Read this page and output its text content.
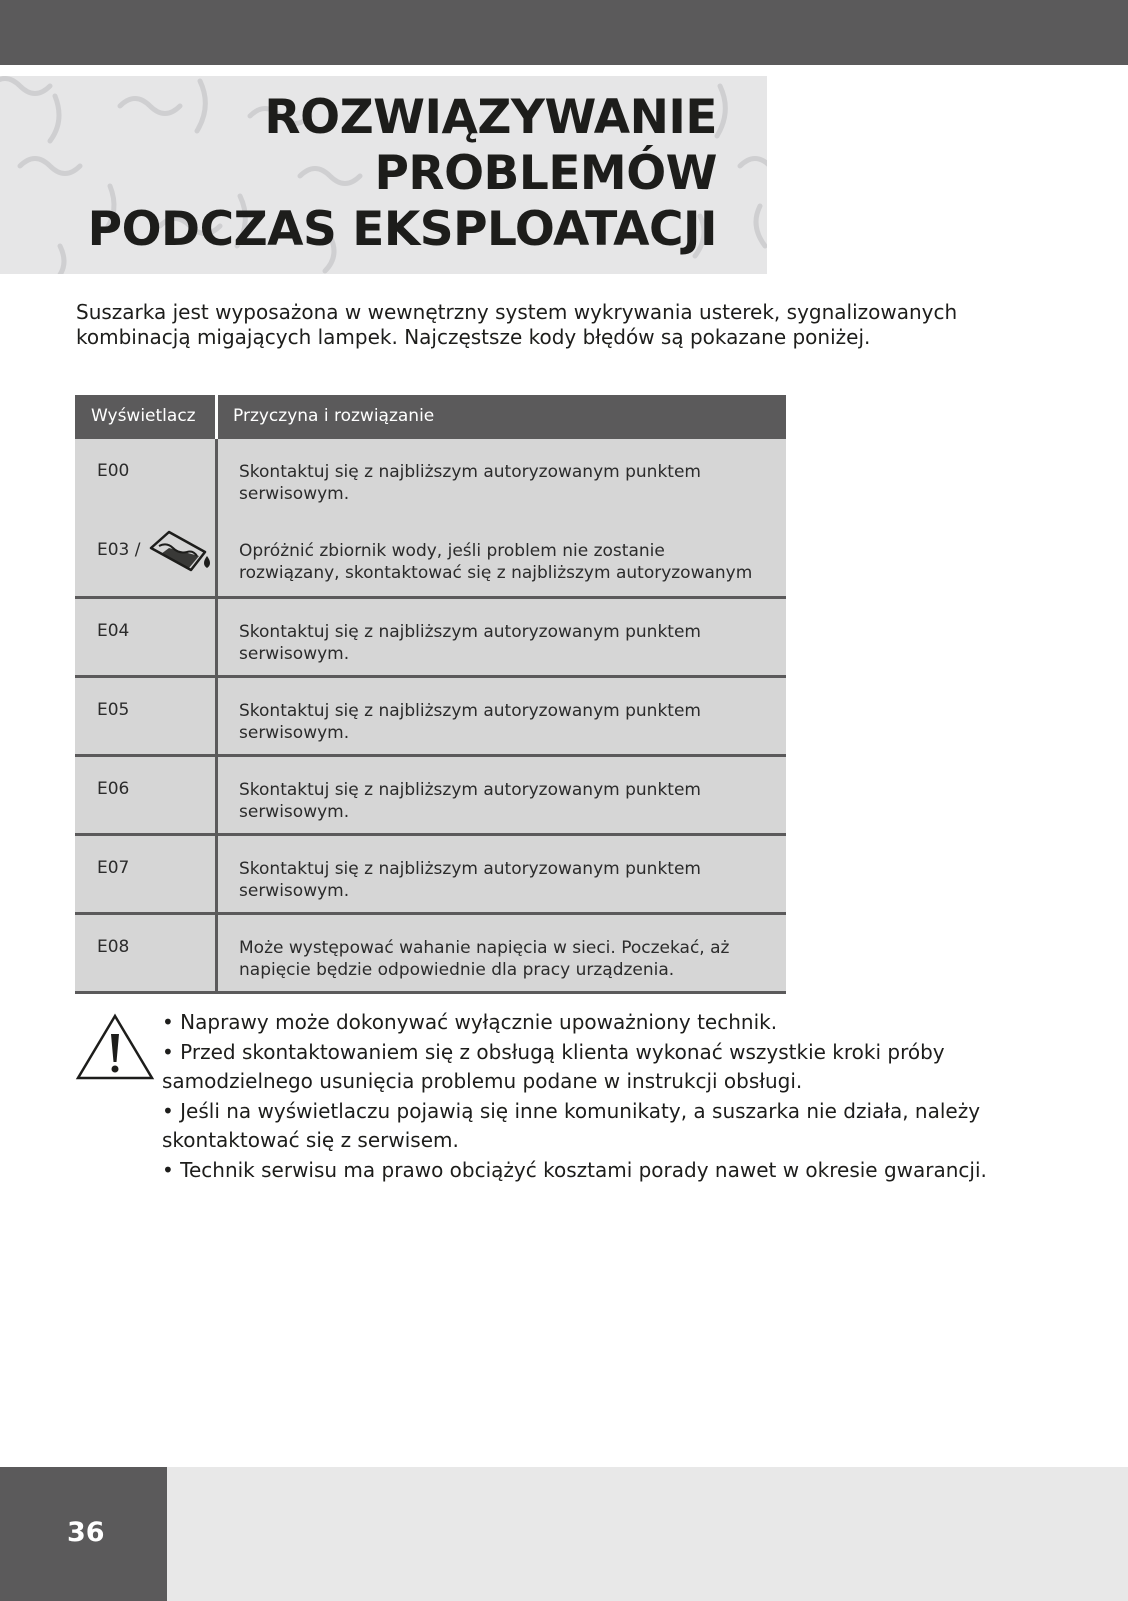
ROZWIĄZYWANIE
PROBLEMÓW
PODCZAS EKSPLOATACJI

Suszarka jest wyposażona w wewnętrzny system wykrywania usterek, sygnalizowanych kombinacją migających lampek. Najczęstsze kody błędów są pokazane poniżej.

Wyświetlacz	Przyczyna i rozwiązanie
E00	Skontaktuj się z najbliższym autoryzowanym punktem serwisowym.
E03 /	Opróżnić zbiornik wody, jeśli problem nie zostanie rozwiązany, skontaktować się z najbliższym autoryzowanym
E04	Skontaktuj się z najbliższym autoryzowanym punktem serwisowym.
E05	Skontaktuj się z najbliższym autoryzowanym punktem serwisowym.
E06	Skontaktuj się z najbliższym autoryzowanym punktem serwisowym.
E07	Skontaktuj się z najbliższym autoryzowanym punktem serwisowym.
E08	Może występować wahanie napięcia w sieci. Poczekać, aż napięcie będzie odpowiednie dla pracy urządzenia.
• Naprawy może dokonywać wyłącznie upoważniony technik.
• Przed skontaktowaniem się z obsługą klienta wykonać wszystkie kroki próby samodzielnego usunięcia problemu podane w instrukcji obsługi.
• Jeśli na wyświetlaczu pojawią się inne komunikaty, a suszarka nie działa, należy skontaktować się z serwisem.
• Technik serwisu ma prawo obciążyć kosztami porady nawet w okresie gwarancji.
36
